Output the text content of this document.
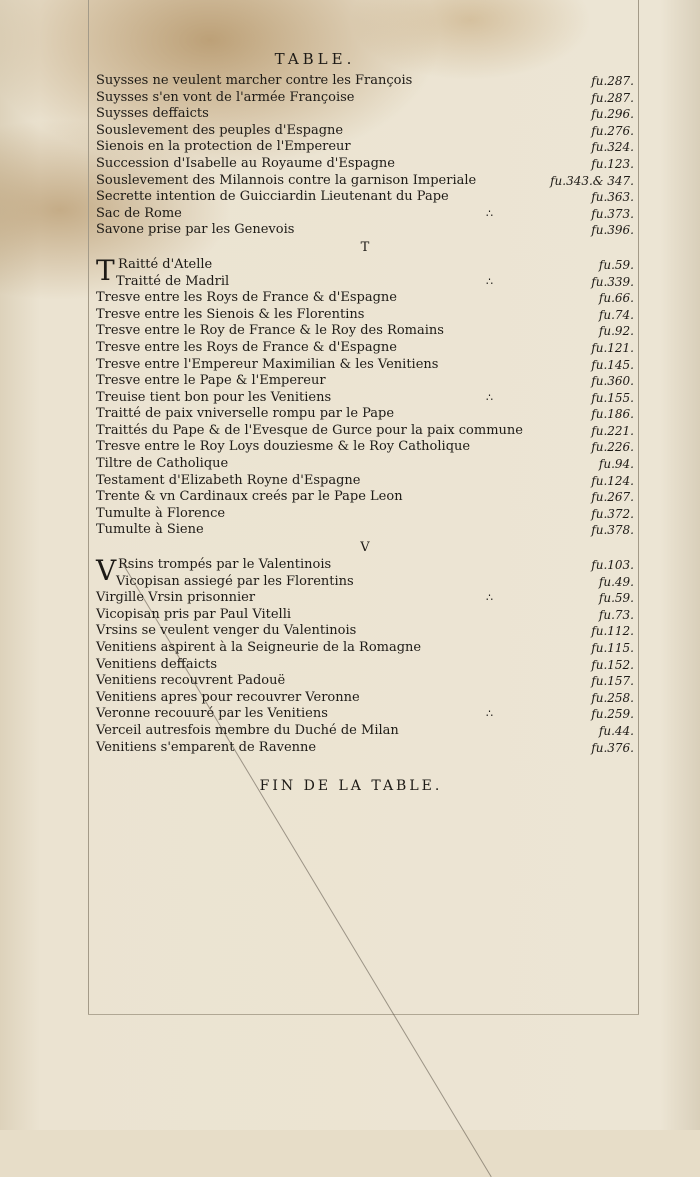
TABLE.
Suysses ne veulent marcher contre les François	fu.287.
Suysses s'en vont de l'armée Françoise	fu.287.
Suysses deffaicts	fu.296.
Souslevement des peuples d'Espagne	fu.276.
Sienois en la protection de l'Empereur	fu.324.
Succession d'Isabelle au Royaume d'Espagne	fu.123.
Souslevement des Milannois contre la garnison Imperiale	fu.343.& 347.
Secrette intention de Guicciardin Lieutenant du Pape	fu.363.
Sac de Rome	∴	fu.373.
Savone prise par les Genevois	fu.396.
T
T Raitté d'Atelle	fu.59.
Traitté de Madril	∴	fu.339.
Tresve entre les Roys de France & d'Espagne	fu.66.
Tresve entre les Sienois & les Florentins	fu.74.
Tresve entre le Roy de France & le Roy des Romains	fu.92.
Tresve entre les Roys de France & d'Espagne	fu.121.
Tresve entre l'Empereur Maximilian & les Venitiens	fu.145.
Tresve entre le Pape & l'Empereur	fu.360.
Treuise tient bon pour les Venitiens	∴	fu.155.
Traitté de paix vniverselle rompu par le Pape	fu.186.
Traittés du Pape & de l'Evesque de Gurce pour la paix commune	fu.221.
Tresve entre le Roy Loys douziesme & le Roy Catholique	fu.226.
Tiltre de Catholique	fu.94.
Testament d'Elizabeth Royne d'Espagne	fu.124.
Trente & vn Cardinaux creés par le Pape Leon	fu.267.
Tumulte à Florence	fu.372.
Tumulte à Siene	fu.378.
V
V Rsins trompés par le Valentinois	fu.103.
Vicopisan assiegé par les Florentins	fu.49.
Virgille Vrsin prisonnier	∴	fu.59.
Vicopisan pris par Paul Vitelli	fu.73.
Vrsins se veulent venger du Valentinois	fu.112.
Venitiens aspirent à la Seigneurie de la Romagne	fu.115.
Venitiens deffaicts	fu.152.
Venitiens recouvrent Padouë	fu.157.
Venitiens apres pour recouvrer Veronne	fu.258.
Veronne recouuré par les Venitiens	∴	fu.259.
Verceil autresfois membre du Duché de Milan	fu.44.
Venitiens s'emparent de Ravenne	fu.376.
FIN DE LA TABLE.
